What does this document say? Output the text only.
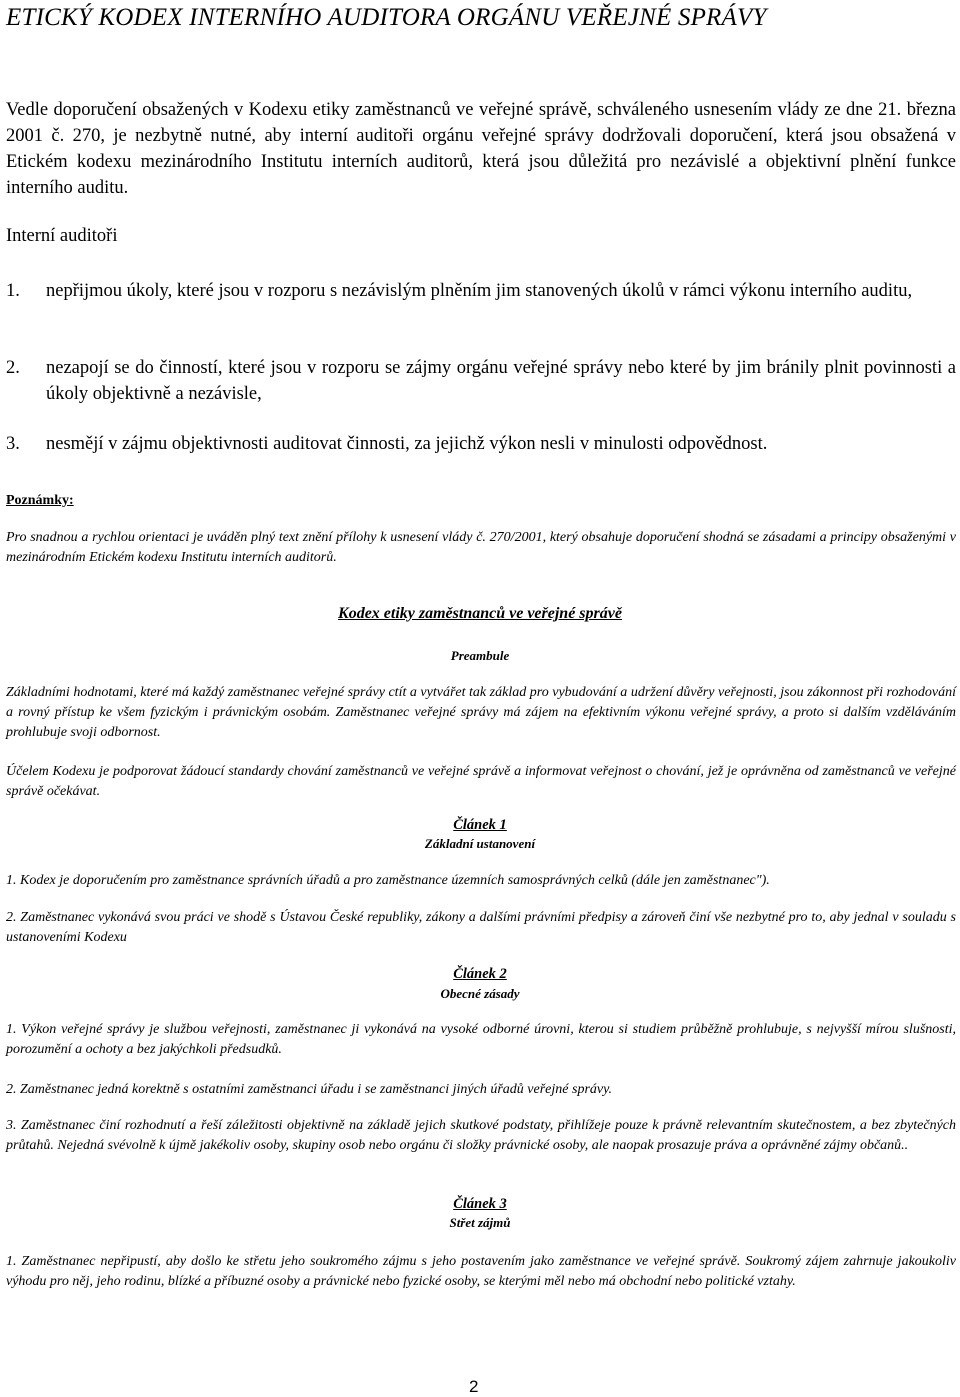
ETICKÝ KODEX INTERNÍHO AUDITORA ORGÁNU VEŘEJNÉ SPRÁVY

Vedle doporučení obsažených v Kodexu etiky zaměstnanců ve veřejné správě, schváleného usnesením vlády ze dne 21. března 2001 č. 270, je nezbytně nutné, aby interní auditoři orgánu veřejné správy dodržovali doporučení, která jsou obsažená v Etickém kodexu mezinárodního Institutu interních auditorů, která jsou důležitá pro nezávislé a objektivní plnění funkce interního auditu.

Interní auditoři
1. nepřijmou úkoly, které jsou v rozporu s nezávislým plněním jim stanovených úkolů v rámci výkonu interního auditu,
2. nezapojí se do činností, které jsou v rozporu se zájmy orgánu veřejné správy nebo které by jim bránily plnit povinnosti a úkoly objektivně a nezávisle,
3. nesmějí v zájmu objektivnosti auditovat činnosti, za jejichž výkon nesli v minulosti odpovědnost.

Poznámky:

Pro snadnou a rychlou orientaci je uváděn plný text znění přílohy k usnesení vlády č. 270/2001, který obsahuje doporučení shodná se zásadami a principy obsaženými v mezinárodním Etickém kodexu Institutu interních auditorů.

Kodex etiky zaměstnanců ve veřejné správě

Preambule

Základními hodnotami, které má každý zaměstnanec veřejné správy ctít a vytvářet tak základ pro vybudování a udržení důvěry veřejnosti, jsou zákonnost při rozhodování a rovný přístup ke všem fyzickým i právnickým osobám. Zaměstnanec veřejné správy má zájem na efektivním výkonu veřejné správy, a proto si dalším vzděláváním prohlubuje svoji odbornost.

Účelem Kodexu je podporovat žádoucí standardy chování zaměstnanců ve veřejné správě a informovat veřejnost o chování, jež je oprávněna od zaměstnanců ve veřejné správě očekávat.

Článek 1

Základní ustanovení

1. Kodex je doporučením pro zaměstnance správních úřadů a pro zaměstnance územních samosprávných celků (dále jen zaměstnanec").

2. Zaměstnanec vykonává svou práci ve shodě s Ústavou České republiky, zákony a dalšími právními předpisy a zároveň činí vše nezbytné pro to, aby jednal v souladu s ustanoveními Kodexu

Článek 2

Obecné zásady

1. Výkon veřejné správy je službou veřejnosti, zaměstnanec ji vykonává na vysoké odborné úrovni, kterou si studiem průběžně prohlubuje, s nejvyšší mírou slušnosti, porozumění a ochoty a bez jakýchkoli předsudků.

2. Zaměstnanec jedná korektně s ostatními zaměstnanci úřadu i se zaměstnanci jiných úřadů veřejné správy.

3. Zaměstnanec činí rozhodnutí a řeší záležitosti objektivně na základě jejich skutkové podstaty, přihlížeje pouze k právně relevantním skutečnostem, a bez zbytečných průtahů. Nejedná svévolně k újmě jakékoliv osoby, skupiny osob nebo orgánu či složky právnické osoby, ale naopak prosazuje práva a oprávněné zájmy občanů..

Článek 3

Střet zájmů

1. Zaměstnanec nepřipustí, aby došlo ke střetu jeho soukromého zájmu s jeho postavením jako zaměstnance ve veřejné správě. Soukromý zájem zahrnuje jakoukoliv výhodu pro něj, jeho rodinu, blízké a příbuzné osoby a právnické nebo fyzické osoby, se kterými měl nebo má obchodní nebo politické vztahy.

2
